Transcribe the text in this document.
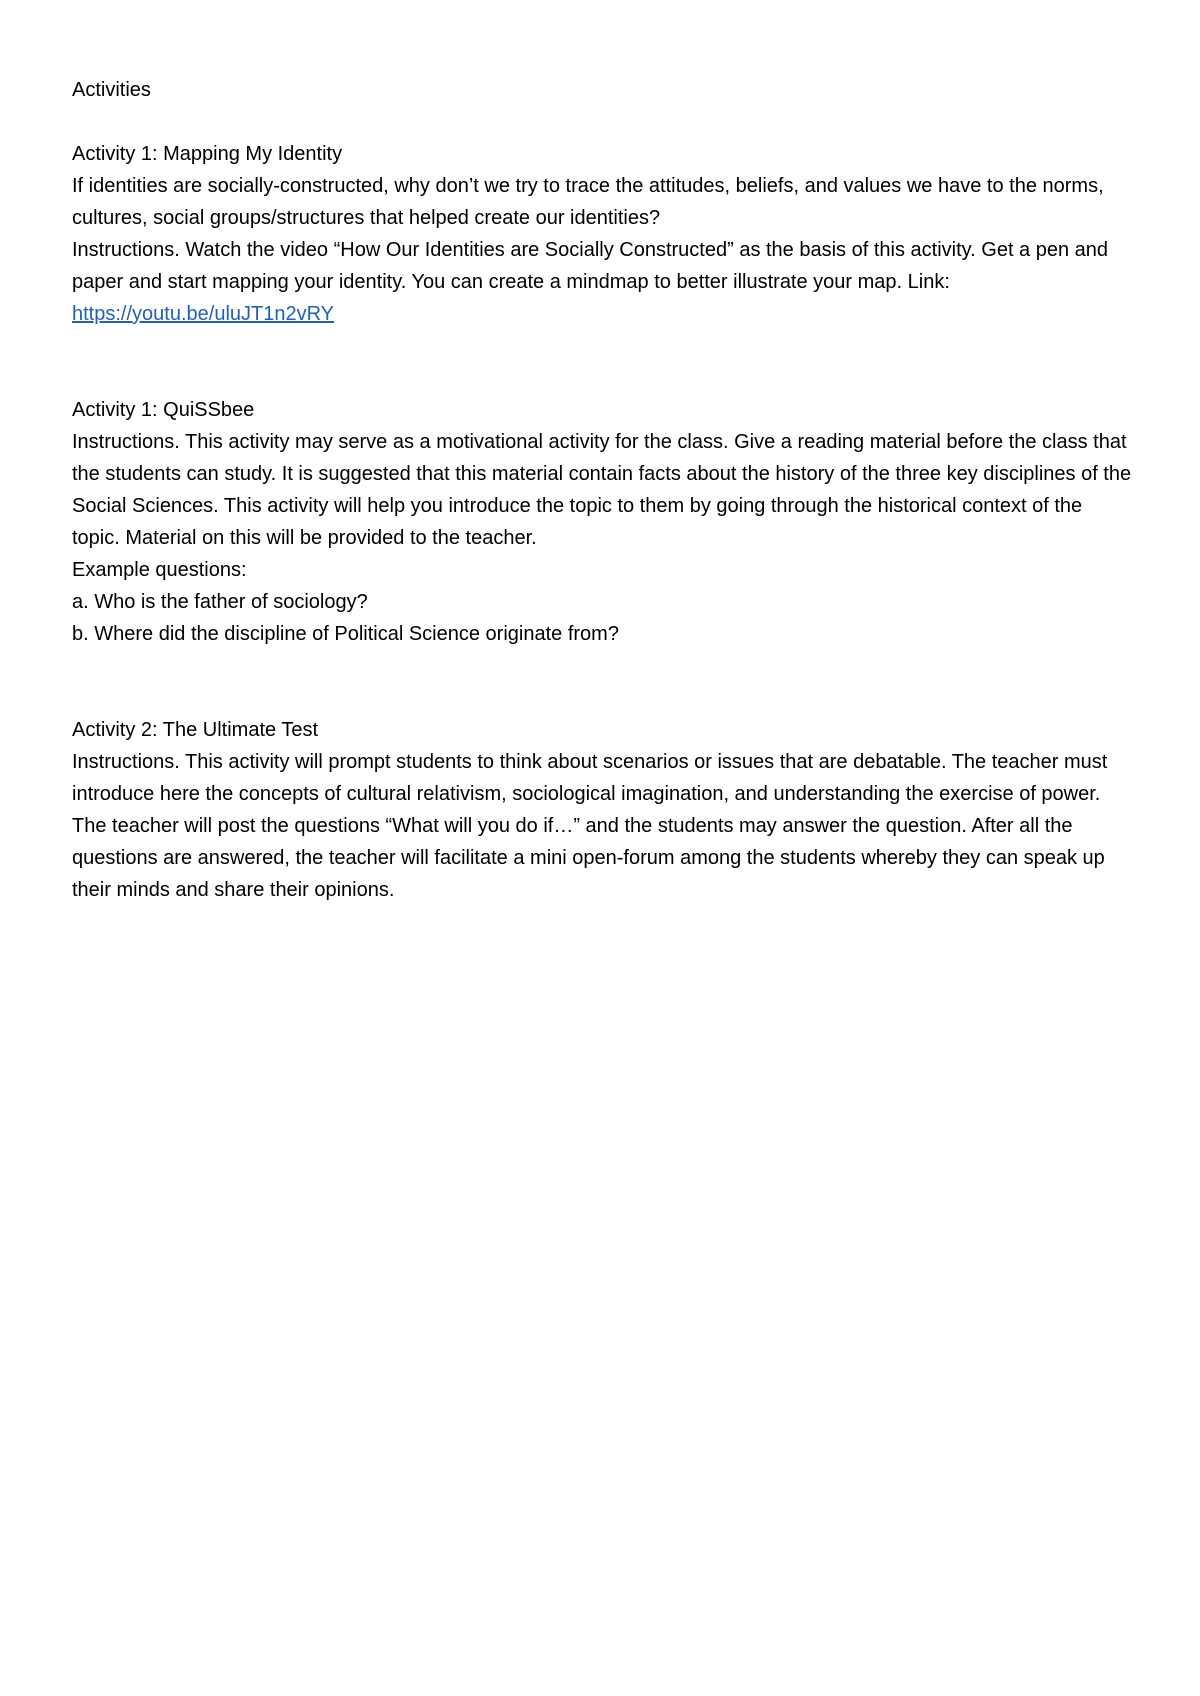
Activities

Activity 1: Mapping My Identity

If identities are socially-constructed, why don’t we try to trace the attitudes, beliefs, and values we have to the norms, cultures, social groups/structures that helped create our identities?

Instructions. Watch the video “How Our Identities are Socially Constructed” as the basis of this activity. Get a pen and paper and start mapping your identity. You can create a mindmap to better illustrate your map. Link: https://youtu.be/uluJT1n2vRY

Activity 1: QuiSSbee

Instructions. This activity may serve as a motivational activity for the class. Give a reading material before the class that the students can study. It is suggested that this material contain facts about the history of the three key disciplines of the Social Sciences. This activity will help you introduce the topic to them by going through the historical context of the topic. Material on this will be provided to the teacher.

Example questions:

a. Who is the father of sociology?

b. Where did the discipline of Political Science originate from?

Activity 2: The Ultimate Test

Instructions. This activity will prompt students to think about scenarios or issues that are debatable. The teacher must introduce here the concepts of cultural relativism, sociological imagination, and understanding the exercise of power. The teacher will post the questions “What will you do if…” and the students may answer the question. After all the questions are answered, the teacher will facilitate a mini open-forum among the students whereby they can speak up their minds and share their opinions.
